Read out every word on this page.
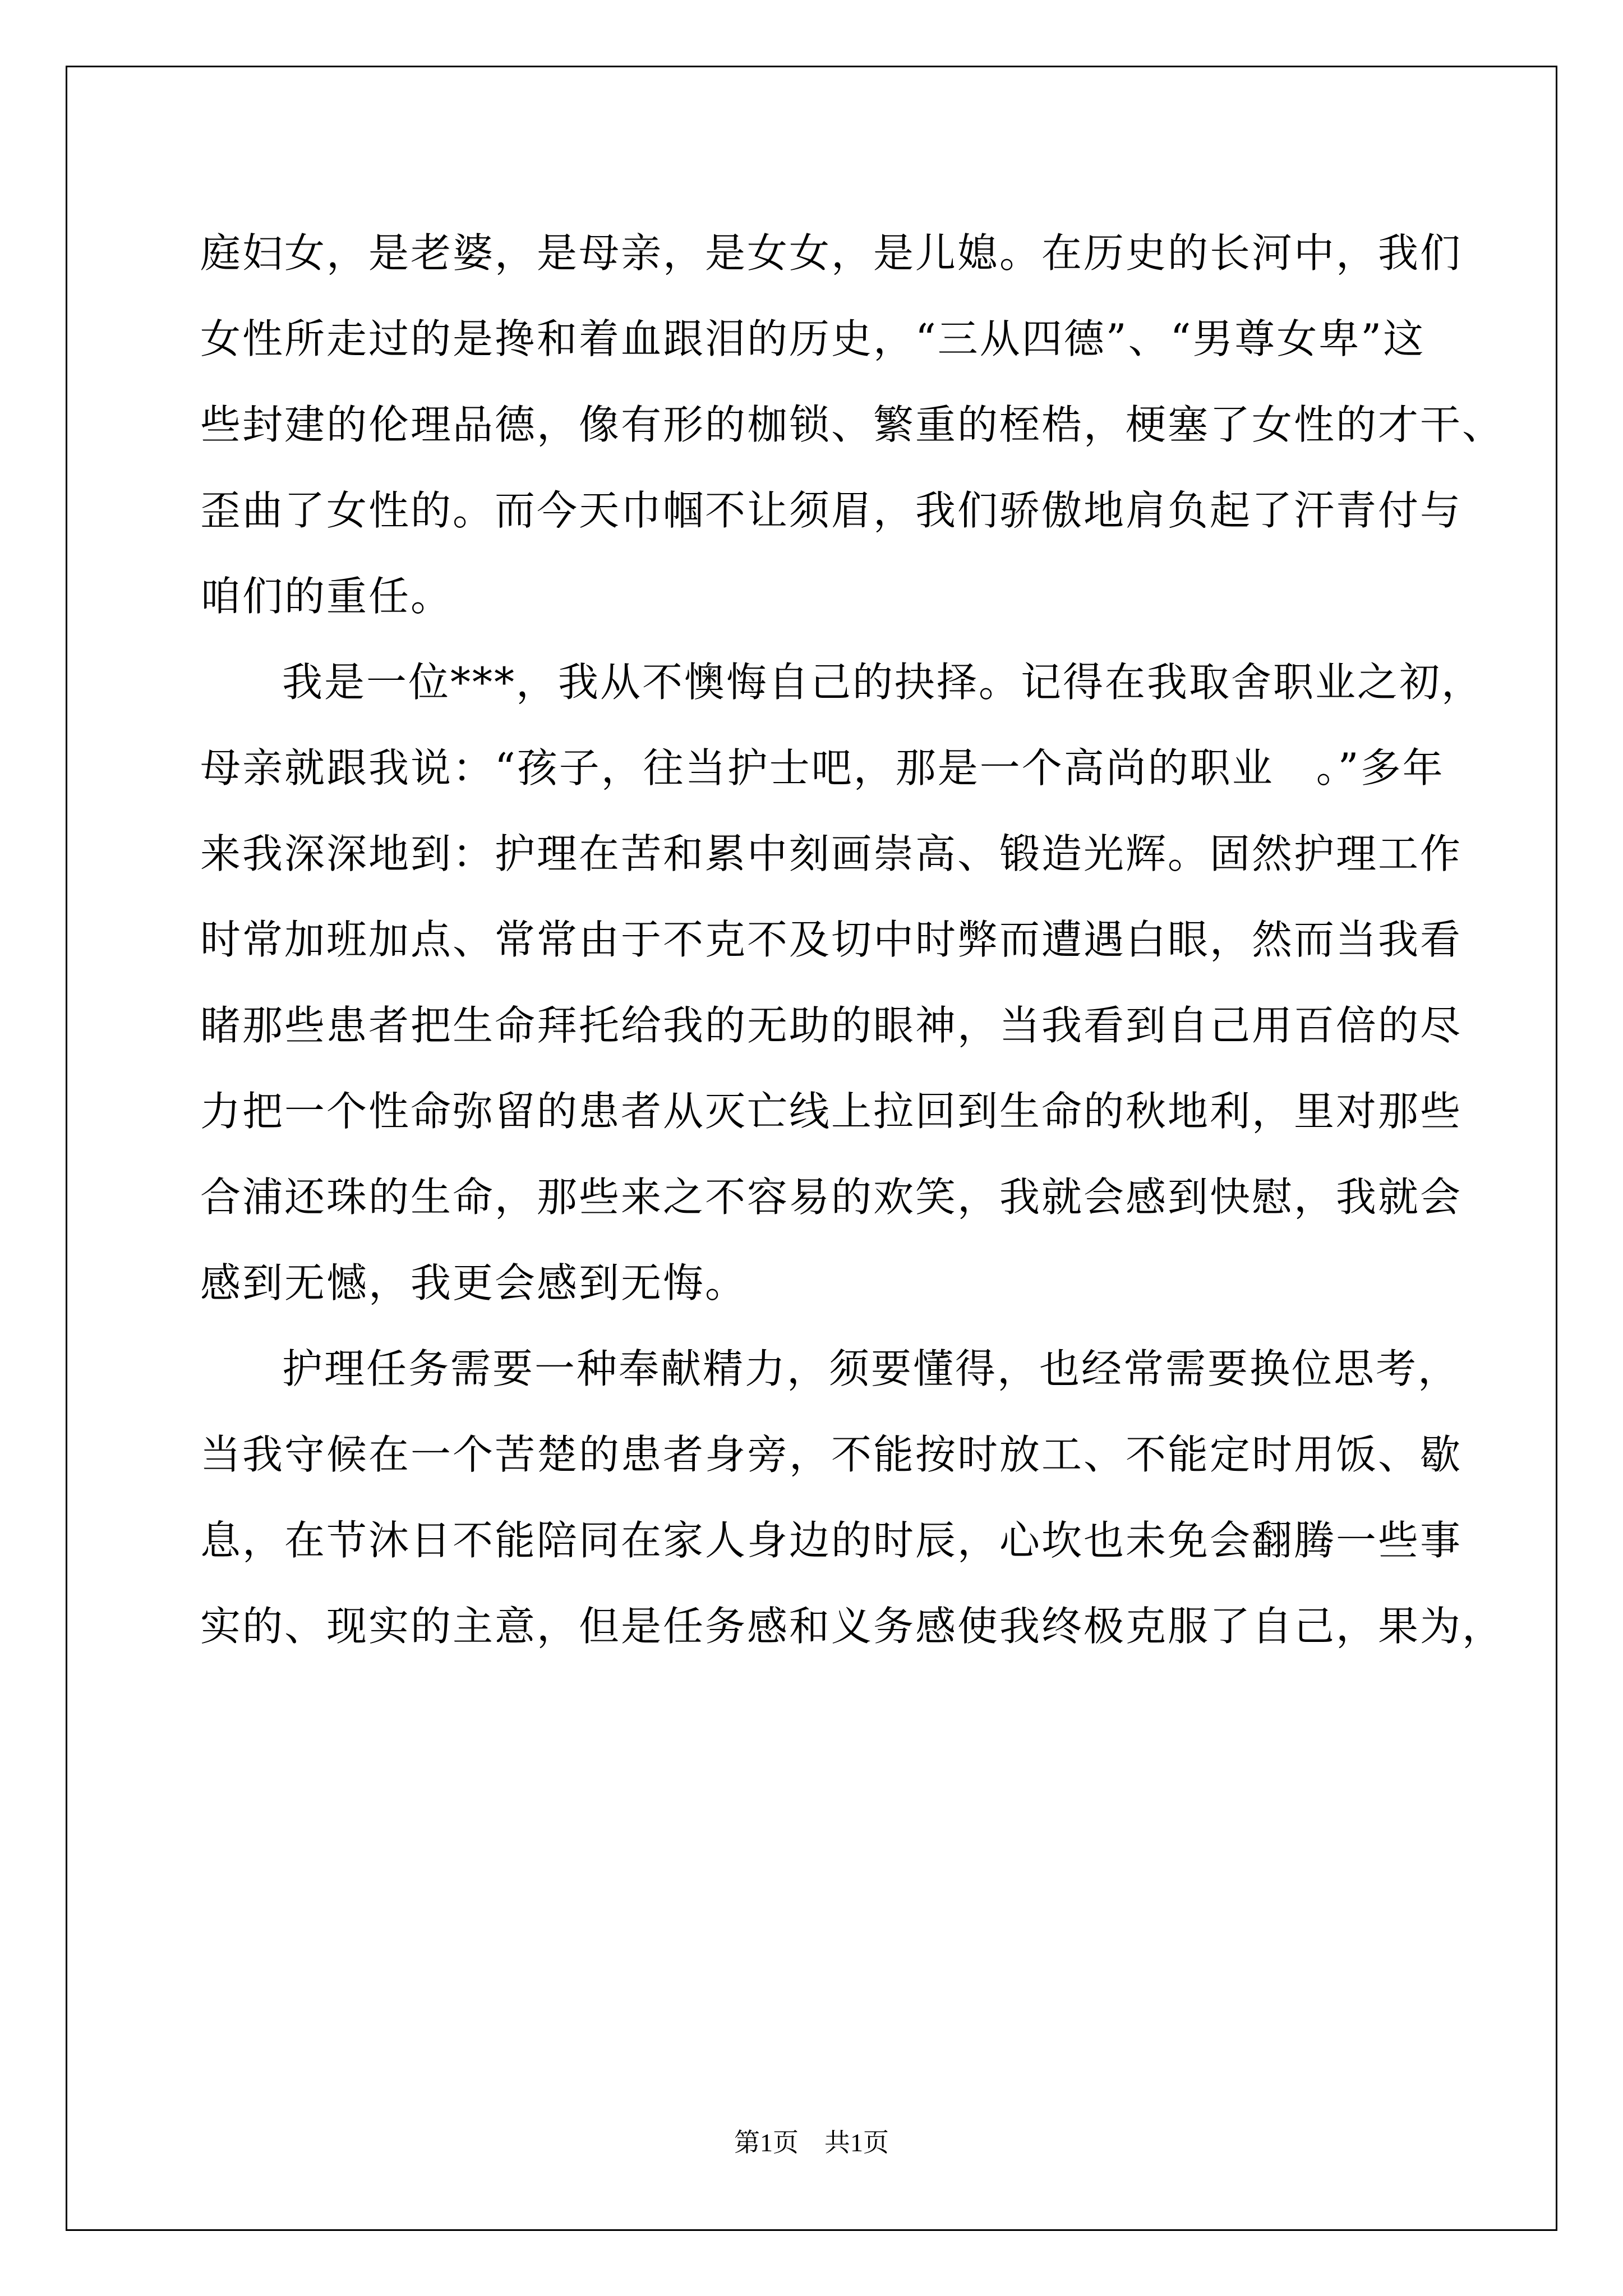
庭妇女，是老婆，是母亲，是女女，是儿媳。在历史的长河中，我们
女性所走过的是搀和着血跟泪的历史，“三从四德”、“男尊女卑”这
些封建的伦理品德，像有形的枷锁、繁重的桎梏，梗塞了女性的才干、
歪曲了女性的。而今天巾帼不让须眉，我们骄傲地肩负起了汗青付与
咱们的重任。
我是一位***，我从不懊悔自己的抉择。记得在我取舍职业之初，
母亲就跟我说：“孩子，往当护士吧，那是一个高尚的职业　。”多年
来我深深地到：护理在苦和累中刻画崇高、锻造光辉。固然护理工作
时常加班加点、常常由于不克不及切中时弊而遭遇白眼，然而当我看
睹那些患者把生命拜托给我的无助的眼神，当我看到自己用百倍的尽
力把一个性命弥留的患者从灭亡线上拉回到生命的秋地利，里对那些
合浦还珠的生命，那些来之不容易的欢笑，我就会感到快慰，我就会
感到无憾，我更会感到无悔。
护理任务需要一种奉献精力，须要懂得，也经常需要换位思考，
当我守候在一个苦楚的患者身旁，不能按时放工、不能定时用饭、歇
息，在节沐日不能陪同在家人身边的时辰，心坎也未免会翻腾一些事
实的、现实的主意，但是任务感和义务感使我终极克服了自己，果为，
第1页 共1页
